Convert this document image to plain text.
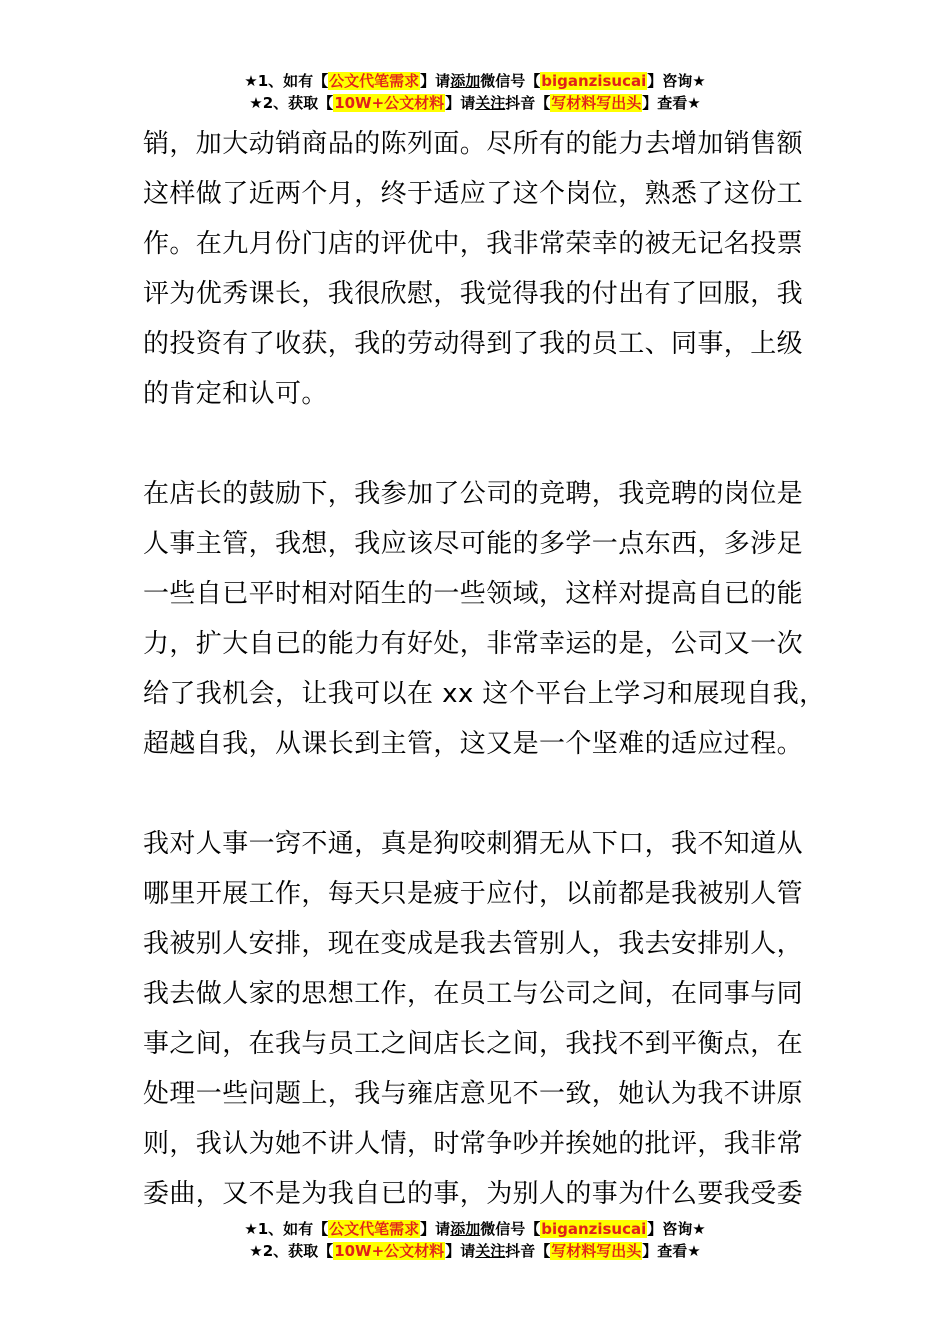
★1、如有【公文代笔需求】请添加微信号【biganzisucai】咨询★
★2、获取【10W+公文材料】请关注抖音【写材料写出头】查看★

销，加大动销商品的陈列面。尽所有的能力去增加销售额
这样做了近两个月，终于适应了这个岗位，熟悉了这份工
作。在九月份门店的评优中，我非常荣幸的被无记名投票
评为优秀课长，我很欣慰，我觉得我的付出有了回服，我
的投资有了收获，我的劳动得到了我的员工、同事，上级
的肯定和认可。

在店长的鼓励下，我参加了公司的竞聘，我竞聘的岗位是
人事主管，我想，我应该尽可能的多学一点东西，多涉足
一些自已平时相对陌生的一些领域，这样对提高自已的能
力，扩大自已的能力有好处，非常幸运的是，公司又一次
给了我机会，让我可以在 xx 这个平台上学习和展现自我，
超越自我，从课长到主管，这又是一个坚难的适应过程。

我对人事一窍不通，真是狗咬刺猬无从下口，我不知道从
哪里开展工作，每天只是疲于应付，以前都是我被别人管
我被别人安排，现在变成是我去管别人，我去安排别人，
我去做人家的思想工作，在员工与公司之间，在同事与同
事之间，在我与员工之间店长之间，我找不到平衡点，在
处理一些问题上，我与雍店意见不一致，她认为我不讲原
则，我认为她不讲人情，时常争吵并挨她的批评，我非常
委曲，又不是为我自已的事，为别人的事为什么要我受委

★1、如有【公文代笔需求】请添加微信号【biganzisucai】咨询★
★2、获取【10W+公文材料】请关注抖音【写材料写出头】查看★
